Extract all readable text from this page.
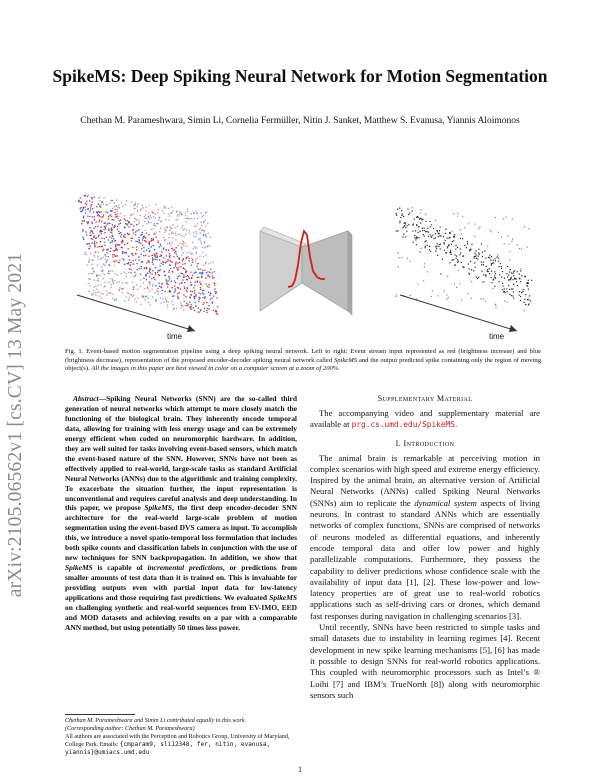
arXiv:2105.06562v1 [cs.CV] 13 May 2021
SpikeMS: Deep Spiking Neural Network for Motion Segmentation

Chethan M. Parameshwara, Simin Li, Cornelia Fermüller, Nitin J. Sanket, Matthew S. Evanusa, Yiannis Aloimonos

time	time

Fig. 1. Event-based motion segmentation pipeline using a deep spiking neural network. Left to right: Event stream input represented as red (brightness increase) and blue (brightness decrease), representation of the proposed encoder-decoder spiking neural network called SpikeMS and the output predicted spike containing only the region of moving object(s). All the images in this paper are best viewed in color on a computer screen at a zoom of 200%.

Abstract—Spiking Neural Networks (SNN) are the so-called third generation of neural networks which attempt to more closely match the functioning of the biological brain. They inherently encode temporal data, allowing for training with less energy usage and can be extremely energy efficient when coded on neuromorphic hardware. In addition, they are well suited for tasks involving event-based sensors, which match the event-based nature of the SNN. However, SNNs have not been as effectively applied to real-world, large-scale tasks as standard Artificial Neural Networks (ANNs) due to the algorithmic and training complexity. To exacerbate the situation further, the input representation is unconventional and requires careful analysis and deep understanding. In this paper, we propose SpikeMS, the first deep encoder-decoder SNN architecture for the real-world large-scale problem of motion segmentation using the event-based DVS camera as input. To accomplish this, we introduce a novel spatio-temporal loss formulation that includes both spike counts and classification labels in conjunction with the use of new techniques for SNN backpropagation. In addition, we show that SpikeMS is capable of incremental predictions, or predictions from smaller amounts of test data than it is trained on. This is invaluable for providing outputs even with partial input data for low-latency applications and those requiring fast predictions. We evaluated SpikeMS on challenging synthetic and real-world sequences from EV-IMO, EED and MOD datasets and achieving results on a par with a comparable ANN method, but using potentially 50 times less power.

Chethan M. Parameshwara and Simin Li contributed equally to this work.
(Corresponding author: Chethan M. Parameshwara)
All authors are associated with the Perception and Robotics Group, University of Maryland, College Park. Emails: {cmparam9, sli12348, fer, nitin, evanusa, yiannis}@umiacs.umd.edu

Supplementary Material

The accompanying video and supplementary material are available at prg.cs.umd.edu/SpikeMS.

I. Introduction

The animal brain is remarkable at perceiving motion in complex scenarios with high speed and extreme energy efficiency. Inspired by the animal brain, an alternative version of Artificial Neural Networks (ANNs) called Spiking Neural Networks (SNNs) aim to replicate the dynamical system aspects of living neurons. In contrast to standard ANNs which are essentially networks of complex functions, SNNs are comprised of networks of neurons modeled as differential equations, and inherently encode temporal data and offer low power and highly parallelizable computations. Furthermore, they possess the capability to deliver predictions whose confidence scale with the availability of input data [1], [2]. These low-power and low-latency properties are of great use to real-world robotics applications such as self-driving cars or drones, which demand fast responses during navigation in challenging scenarios [3].

Until recently, SNNs have been restricted to simple tasks and small datasets due to instability in learning regimes [4]. Recent development in new spike learning mechanisms [5], [6] has made it possible to design SNNs for real-world robotics applications. This coupled with neuromorphic processors such as Intel’s ® Loihi [7] and IBM’s TrueNorth [8]) along with neuromorphic sensors such

1
